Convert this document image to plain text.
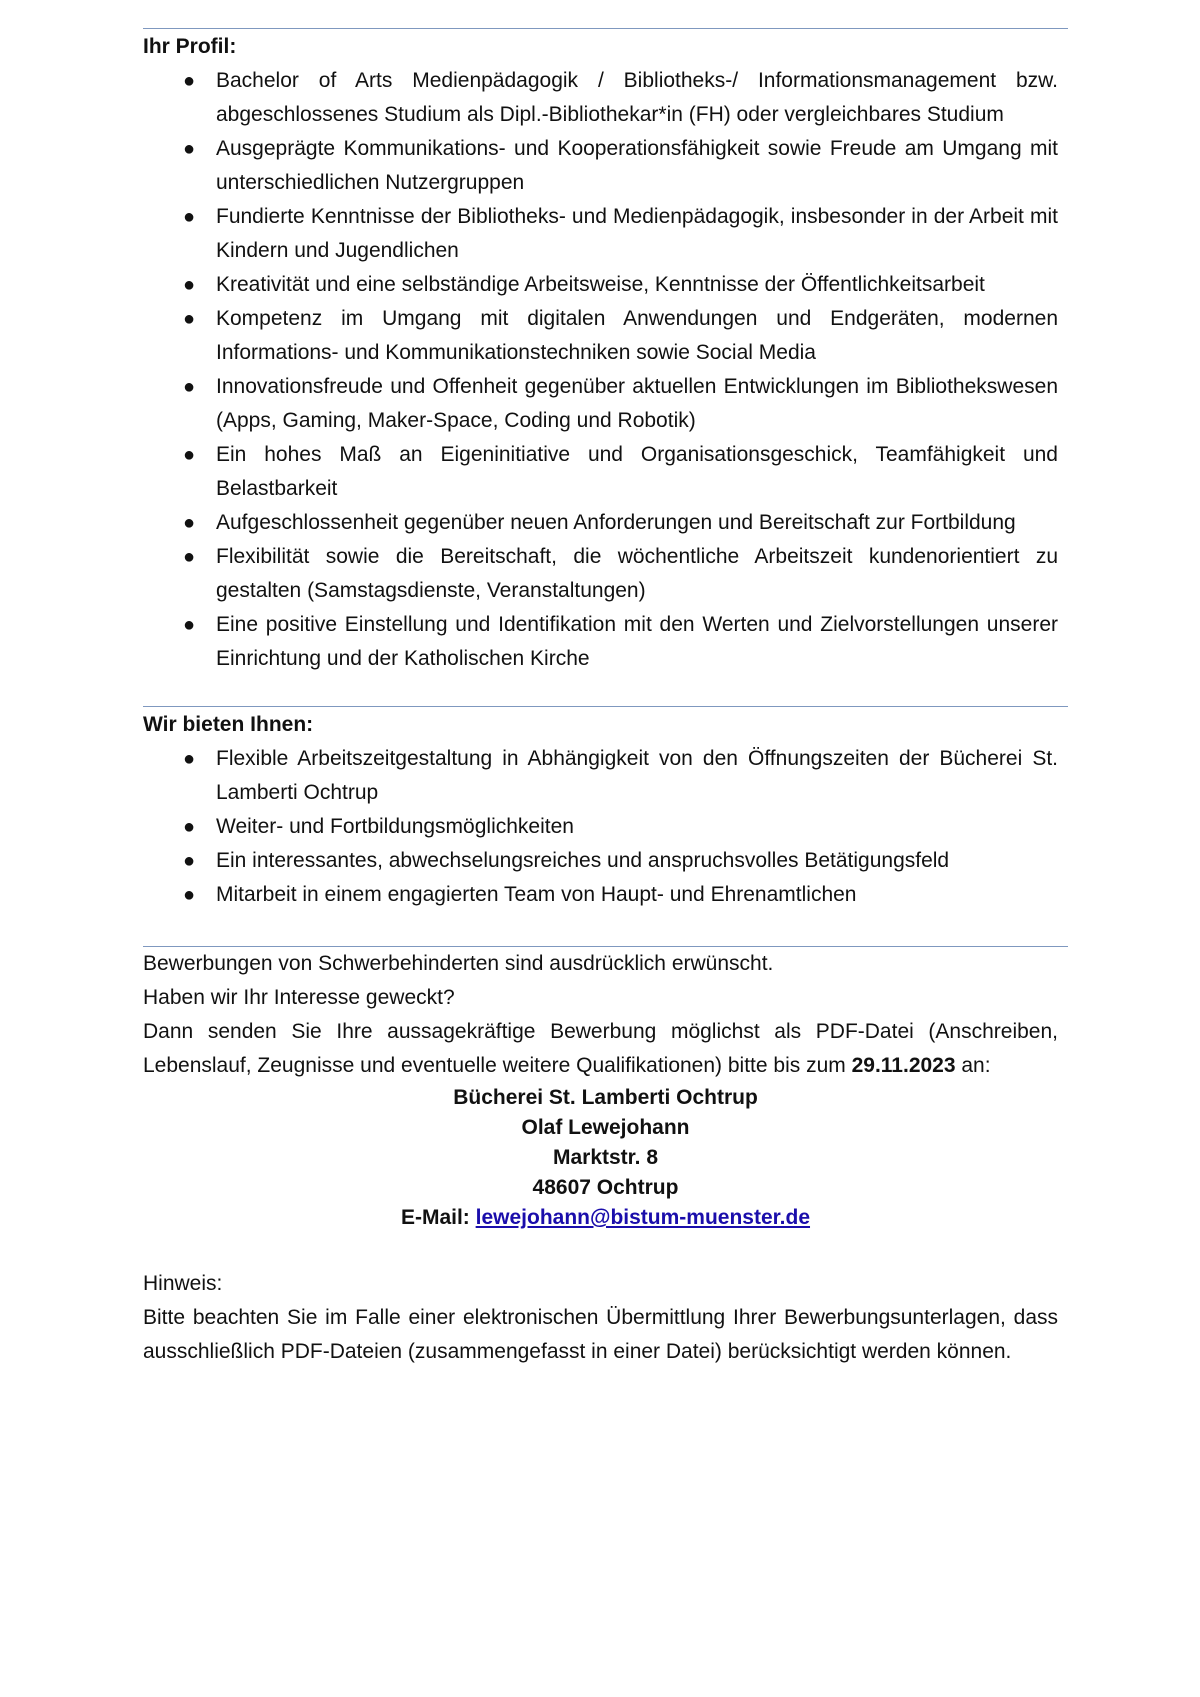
Ihr Profil:
● Bachelor of Arts Medienpädagogik / Bibliotheks-/ Informationsmanagement bzw. abgeschlossenes Studium als Dipl.-Bibliothekar*in (FH) oder vergleichbares Studium
● Ausgeprägte Kommunikations- und Kooperationsfähigkeit sowie Freude am Umgang mit unterschiedlichen Nutzergruppen
● Fundierte Kenntnisse der Bibliotheks- und Medienpädagogik, insbesonder in der Arbeit mit Kindern und Jugendlichen
● Kreativität und eine selbständige Arbeitsweise, Kenntnisse der Öffentlichkeitsarbeit
● Kompetenz im Umgang mit digitalen Anwendungen und Endgeräten, modernen Informations- und Kommunikationstechniken sowie Social Media
● Innovationsfreude und Offenheit gegenüber aktuellen Entwicklungen im Bibliothekswesen (Apps, Gaming, Maker-Space, Coding und Robotik)
● Ein hohes Maß an Eigeninitiative und Organisationsgeschick, Teamfähigkeit und Belastbarkeit
● Aufgeschlossenheit gegenüber neuen Anforderungen und Bereitschaft zur Fortbildung
● Flexibilität sowie die Bereitschaft, die wöchentliche Arbeitszeit kundenorientiert zu gestalten (Samstagsdienste, Veranstaltungen)
● Eine positive Einstellung und Identifikation mit den Werten und Zielvorstellungen unserer Einrichtung und der Katholischen Kirche
Wir bieten Ihnen:
● Flexible Arbeitszeitgestaltung in Abhängigkeit von den Öffnungszeiten der Bücherei St. Lamberti Ochtrup
● Weiter- und Fortbildungsmöglichkeiten
● Ein interessantes, abwechselungsreiches und anspruchsvolles Betätigungsfeld
● Mitarbeit in einem engagierten Team von Haupt- und Ehrenamtlichen

Bewerbungen von Schwerbehinderten sind ausdrücklich erwünscht.

Haben wir Ihr Interesse geweckt?

Dann senden Sie Ihre aussagekräftige Bewerbung möglichst als PDF-Datei (Anschreiben, Lebenslauf, Zeugnisse und eventuelle weitere Qualifikationen) bitte bis zum 29.11.2023 an:

Bücherei St. Lamberti Ochtrup
Olaf Lewejohann
Marktstr. 8
48607 Ochtrup
E-Mail: lewejohann@bistum-muenster.de

Hinweis:

Bitte beachten Sie im Falle einer elektronischen Übermittlung Ihrer Bewerbungsunterlagen, dass ausschließlich PDF-Dateien (zusammengefasst in einer Datei) berücksichtigt werden können.
